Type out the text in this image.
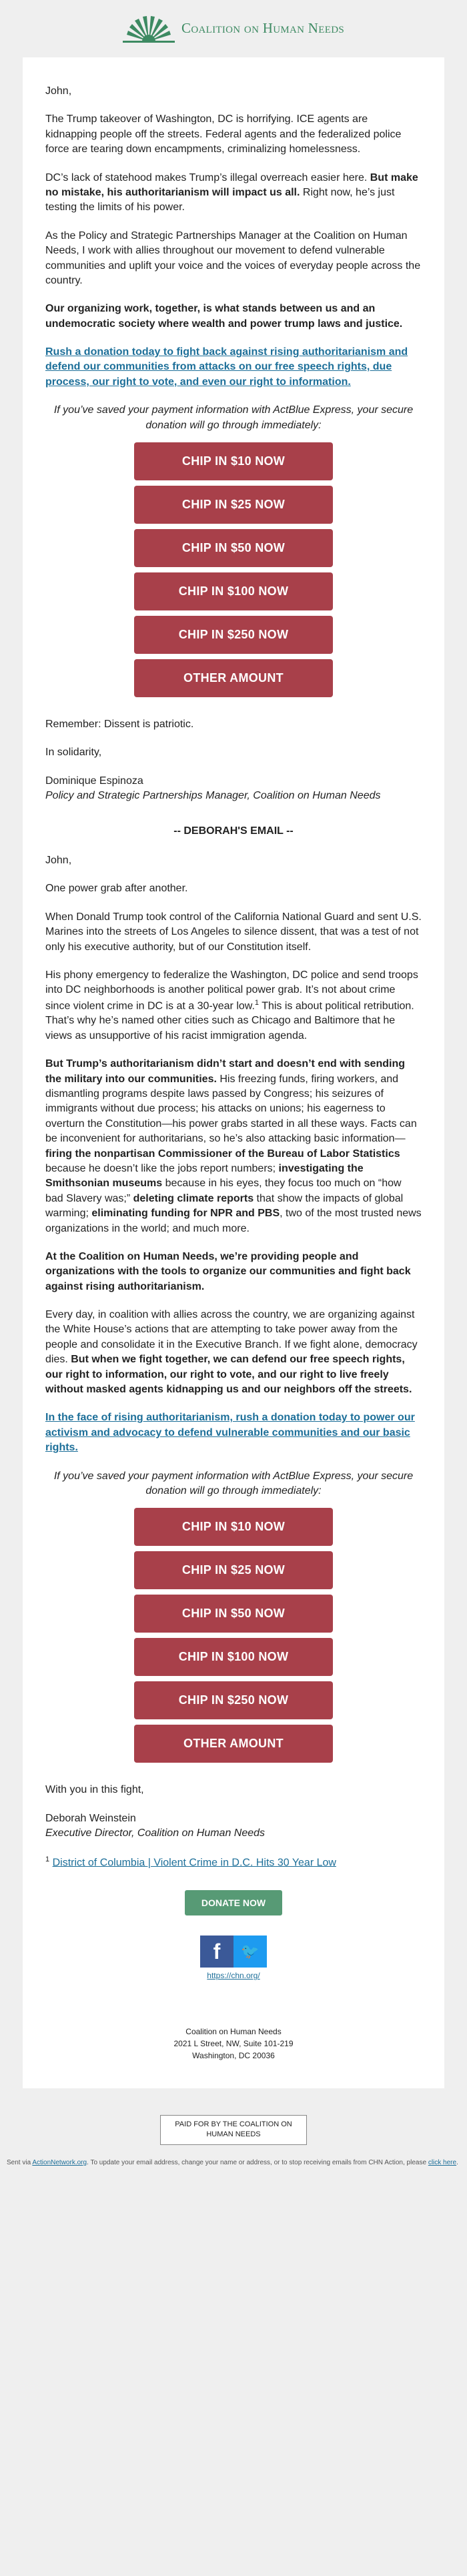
Coalition on Human Needs

John,

The Trump takeover of Washington, DC is horrifying. ICE agents are kidnapping people off the streets. Federal agents and the federalized police force are tearing down encampments, criminalizing homelessness.

DC’s lack of statehood makes Trump’s illegal overreach easier here. But make no mistake, his authoritarianism will impact us all. Right now, he’s just testing the limits of his power.

As the Policy and Strategic Partnerships Manager at the Coalition on Human Needs, I work with allies throughout our movement to defend vulnerable communities and uplift your voice and the voices of everyday people across the country.

Our organizing work, together, is what stands between us and an undemocratic society where wealth and power trump laws and justice.

Rush a donation today to fight back against rising authoritarianism and defend our communities from attacks on our free speech rights, due process, our right to vote, and even our right to information.

If you’ve saved your payment information with ActBlue Express, your secure donation will go through immediately:

CHIP IN $10 NOW
CHIP IN $25 NOW
CHIP IN $50 NOW
CHIP IN $100 NOW
CHIP IN $250 NOW
OTHER AMOUNT

Remember: Dissent is patriotic.

In solidarity,

Dominique Espinoza

Policy and Strategic Partnerships Manager, Coalition on Human Needs

-- DEBORAH'S EMAIL --

John,

One power grab after another.

When Donald Trump took control of the California National Guard and sent U.S. Marines into the streets of Los Angeles to silence dissent, that was a test of not only his executive authority, but of our Constitution itself.

His phony emergency to federalize the Washington, DC police and send troops into DC neighborhoods is another political power grab. It’s not about crime since violent crime in DC is at a 30-year low.$^1$ This is about political retribution. That’s why he’s named other cities such as Chicago and Baltimore that he views as unsupportive of his racist immigration agenda.

But Trump’s authoritarianism didn’t start and doesn’t end with sending the military into our communities. His freezing funds, firing workers, and dismantling programs despite laws passed by Congress; his seizures of immigrants without due process; his attacks on unions; his eagerness to overturn the Constitution—his power grabs started in all these ways. Facts can be inconvenient for authoritarians, so he’s also attacking basic information—firing the nonpartisan Commissioner of the Bureau of Labor Statistics because he doesn’t like the jobs report numbers; investigating the Smithsonian museums because in his eyes, they focus too much on “how bad Slavery was;” deleting climate reports that show the impacts of global warming; eliminating funding for NPR and PBS, two of the most trusted news organizations in the world; and much more.

At the Coalition on Human Needs, we’re providing people and organizations with the tools to organize our communities and fight back against rising authoritarianism.

Every day, in coalition with allies across the country, we are organizing against the White House’s actions that are attempting to take power away from the people and consolidate it in the Executive Branch. If we fight alone, democracy dies. But when we fight together, we can defend our free speech rights, our right to information, our right to vote, and our right to live freely without masked agents kidnapping us and our neighbors off the streets.

In the face of rising authoritarianism, rush a donation today to power our activism and advocacy to defend vulnerable communities and our basic rights.

If you’ve saved your payment information with ActBlue Express, your secure donation will go through immediately:

CHIP IN $10 NOW
CHIP IN $25 NOW
CHIP IN $50 NOW
CHIP IN $100 NOW
CHIP IN $250 NOW
OTHER AMOUNT

With you in this fight,

Deborah Weinstein

Executive Director, Coalition on Human Needs

$^1$ District of Columbia | Violent Crime in D.C. Hits 30 Year Low

DONATE NOW
f	🐦
https://chn.org/
Coalition on Human Needs
2021 L Street, NW, Suite 101-219
Washington, DC 20036
PAID FOR BY THE COALITION ON HUMAN NEEDS
Sent via ActionNetwork.org. To update your email address, change your name or address, or to stop receiving emails from CHN Action, please click here.
